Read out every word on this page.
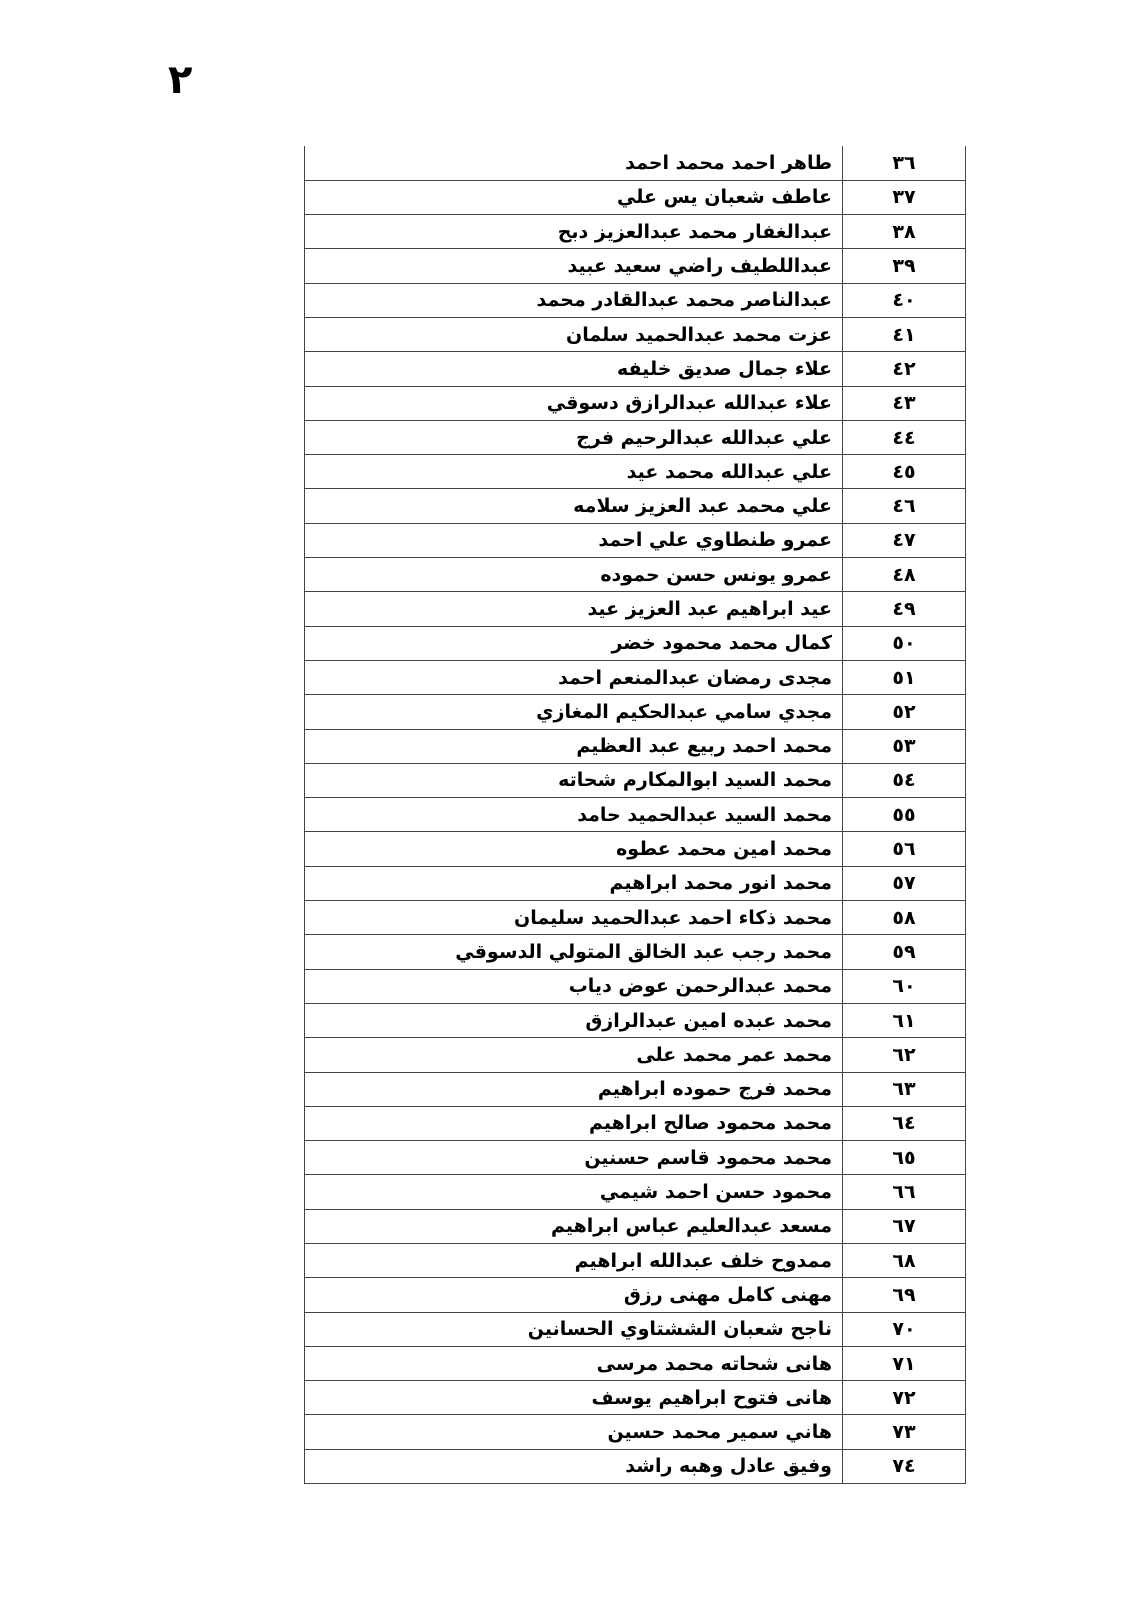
٢
٣٦	طاهر احمد محمد احمد
٣٧	عاطف شعبان يس علي
٣٨	عبدالغفار محمد عبدالعزيز دبح
٣٩	عبداللطيف راضي سعيد عبيد
٤٠	عبدالناصر محمد عبدالقادر محمد
٤١	عزت محمد عبدالحميد سلمان
٤٢	علاء جمال صديق خليفه
٤٣	علاء عبدالله عبدالرازق دسوقي
٤٤	علي عبدالله عبدالرحيم فرج
٤٥	علي عبدالله محمد عيد
٤٦	علي محمد عبد العزيز سلامه
٤٧	عمرو طنطاوي علي احمد
٤٨	عمرو يونس حسن حموده
٤٩	عيد ابراهيم عبد العزيز عيد
٥٠	كمال محمد محمود خضر
٥١	مجدى رمضان عبدالمنعم احمد
٥٢	مجدي سامي عبدالحكيم المغازي
٥٣	محمد احمد ربيع عبد العظيم
٥٤	محمد السيد ابوالمكارم شحاته
٥٥	محمد السيد عبدالحميد حامد
٥٦	محمد امين محمد عطوه
٥٧	محمد انور محمد ابراهيم
٥٨	محمد ذكاء احمد عبدالحميد سليمان
٥٩	محمد رجب عبد الخالق المتولي الدسوقي
٦٠	محمد عبدالرحمن عوض دياب
٦١	محمد عبده امين عبدالرازق
٦٢	محمد عمر محمد على
٦٣	محمد فرج حموده ابراهيم
٦٤	محمد محمود صالح ابراهيم
٦٥	محمد محمود قاسم حسنين
٦٦	محمود حسن احمد شيمي
٦٧	مسعد عبدالعليم عباس ابراهيم
٦٨	ممدوح خلف عبدالله ابراهيم
٦٩	مهنى كامل مهنى رزق
٧٠	ناجح شعبان الششتاوي الحسانين
٧١	هانى شحاته محمد مرسى
٧٢	هانى فتوح ابراهيم يوسف
٧٣	هاني سمير محمد حسين
٧٤	وفيق عادل وهبه راشد
